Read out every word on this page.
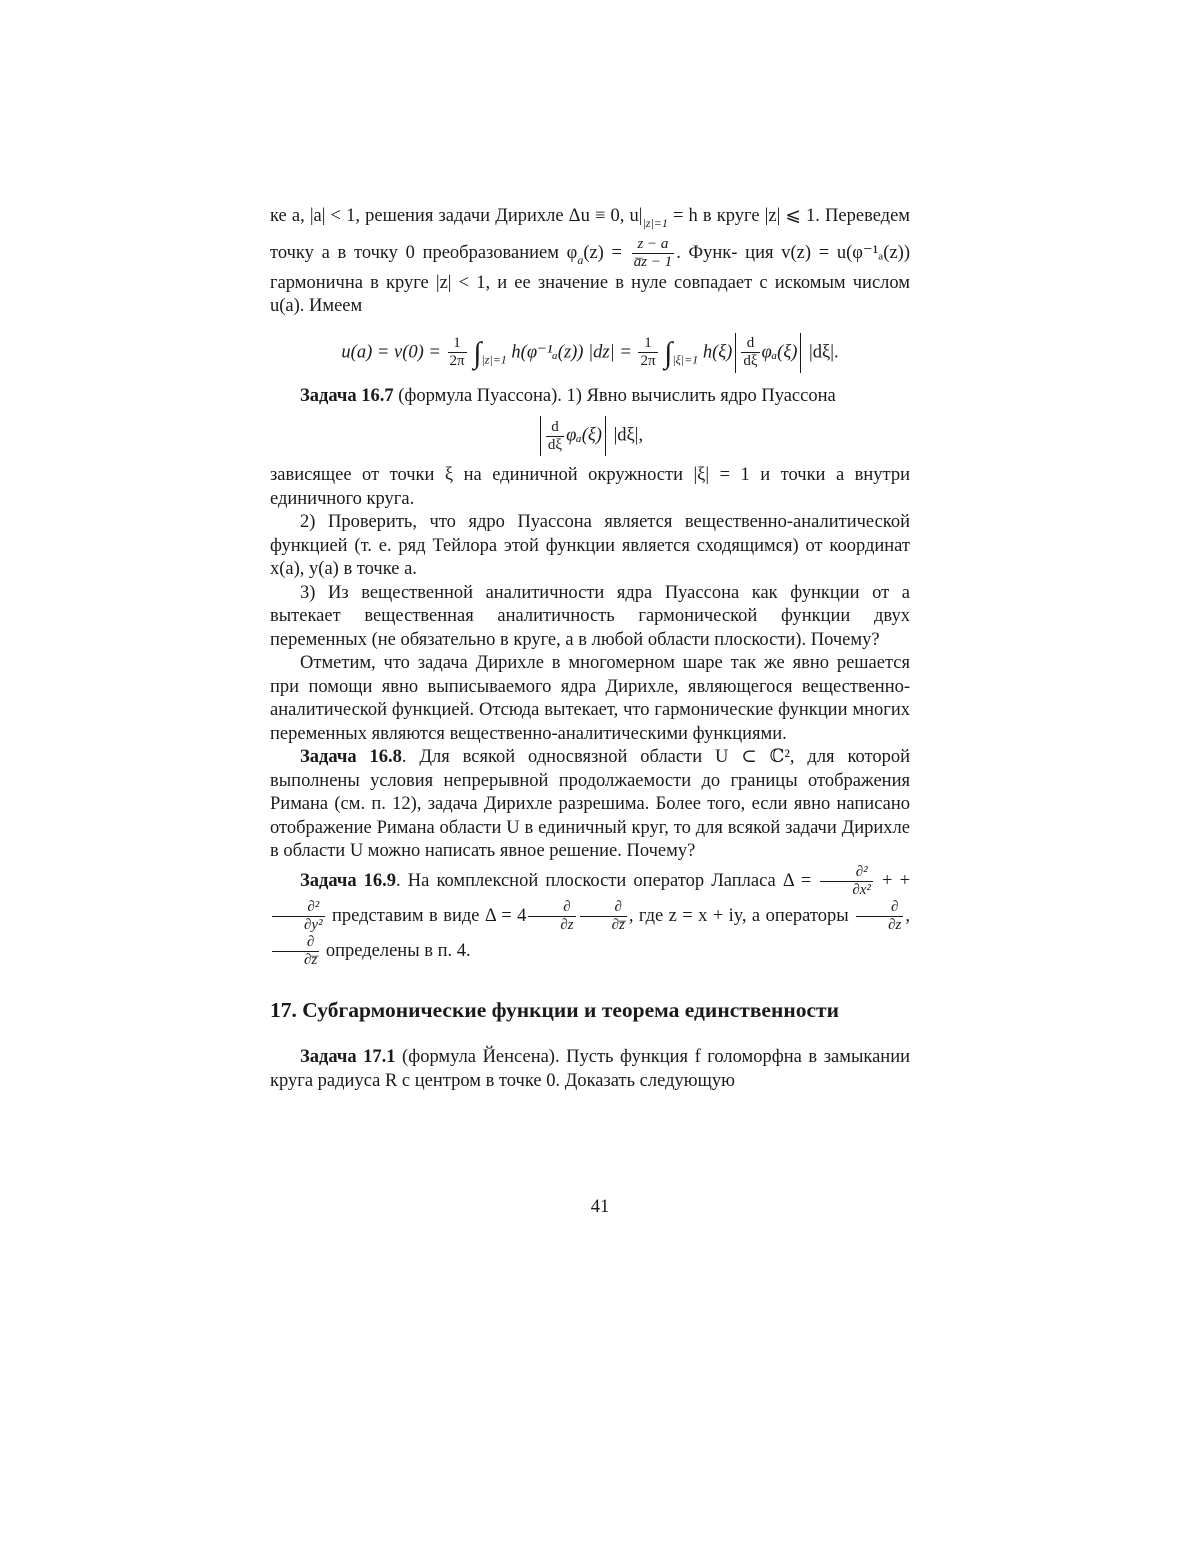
ке a, |a| < 1, решения задачи Дирихле Δu ≡ 0, $u|_{|z|=1} = h$ в круге |z| ⩽ 1. Переведем точку a в точку 0 преобразованием $\varphi_a(z) = \frac{z - a}{a̅z - 1}$ . Функ- ция v(z) = u(φ⁻¹ₐ(z)) гармонична в круге |z| < 1, и ее значение в нуле совпадает с искомым числом u(a). Имеем

$u(a) = v(0) = \frac{1}{2\pi} \int_{|z|=1}$ h(φ⁻¹ₐ(z)) $|dz| = \frac{1}{2\pi} \int_{|\xi|=1}$ $h(\xi) \frac{d}{d\xi} \varphi_a(\xi)$ |dξ|.

Задача 16.7 (формула Пуассона). 1) Явно вычислить ядро Пуассона

$\frac{d}{d\xi} \varphi_a(\xi)$ |dξ|,

зависящее от точки ξ на единичной окружности |ξ| = 1 и точки a внутри единичного круга.

2) Проверить, что ядро Пуассона является вещественно-аналитической функцией (т. е. ряд Тейлора этой функции является сходящимся) от координат x(a), y(a) в точке a.

3) Из вещественной аналитичности ядра Пуассона как функции от a вытекает вещественная аналитичность гармонической функции двух переменных (не обязательно в круге, а в любой области плоскости). Почему?

Отметим, что задача Дирихле в многомерном шаре так же явно решается при помощи явно выписываемого ядра Дирихле, являющегося вещественно-аналитической функцией. Отсюда вытекает, что гармонические функции многих переменных являются вещественно-аналитическими функциями.

Задача 16.8. Для всякой односвязной области U ⊂ ℂ², для которой выполнены условия непрерывной продолжаемости до границы отображения Римана (см. п. 12), задача Дирихле разрешима. Более того, если явно написано отображение Римана области U в единичный круг, то для всякой задачи Дирихле в области U можно написать явное решение. Почему?

Задача 16.9. На комплексной плоскости оператор Лапласа $\Delta = \frac{\text{∂²}}{\text{∂x²}}$ + +
$\frac{\text{∂²}}{\text{∂y²}}$ представим в виде $\Delta = 4 \frac{\partial}{\partial z} \frac{\partial}{\partial z̅}$ , где z = x + iy, а операторы $\frac{\partial}{\partial z}$ ,
$\frac{\partial}{\partial z̅}$ определены в п. 4.

17. Субгармонические функции и теорема единственности

Задача 17.1 (формула Йенсена). Пусть функция f голоморфна в замыкании круга радиуса R с центром в точке 0. Доказать следующую

41
